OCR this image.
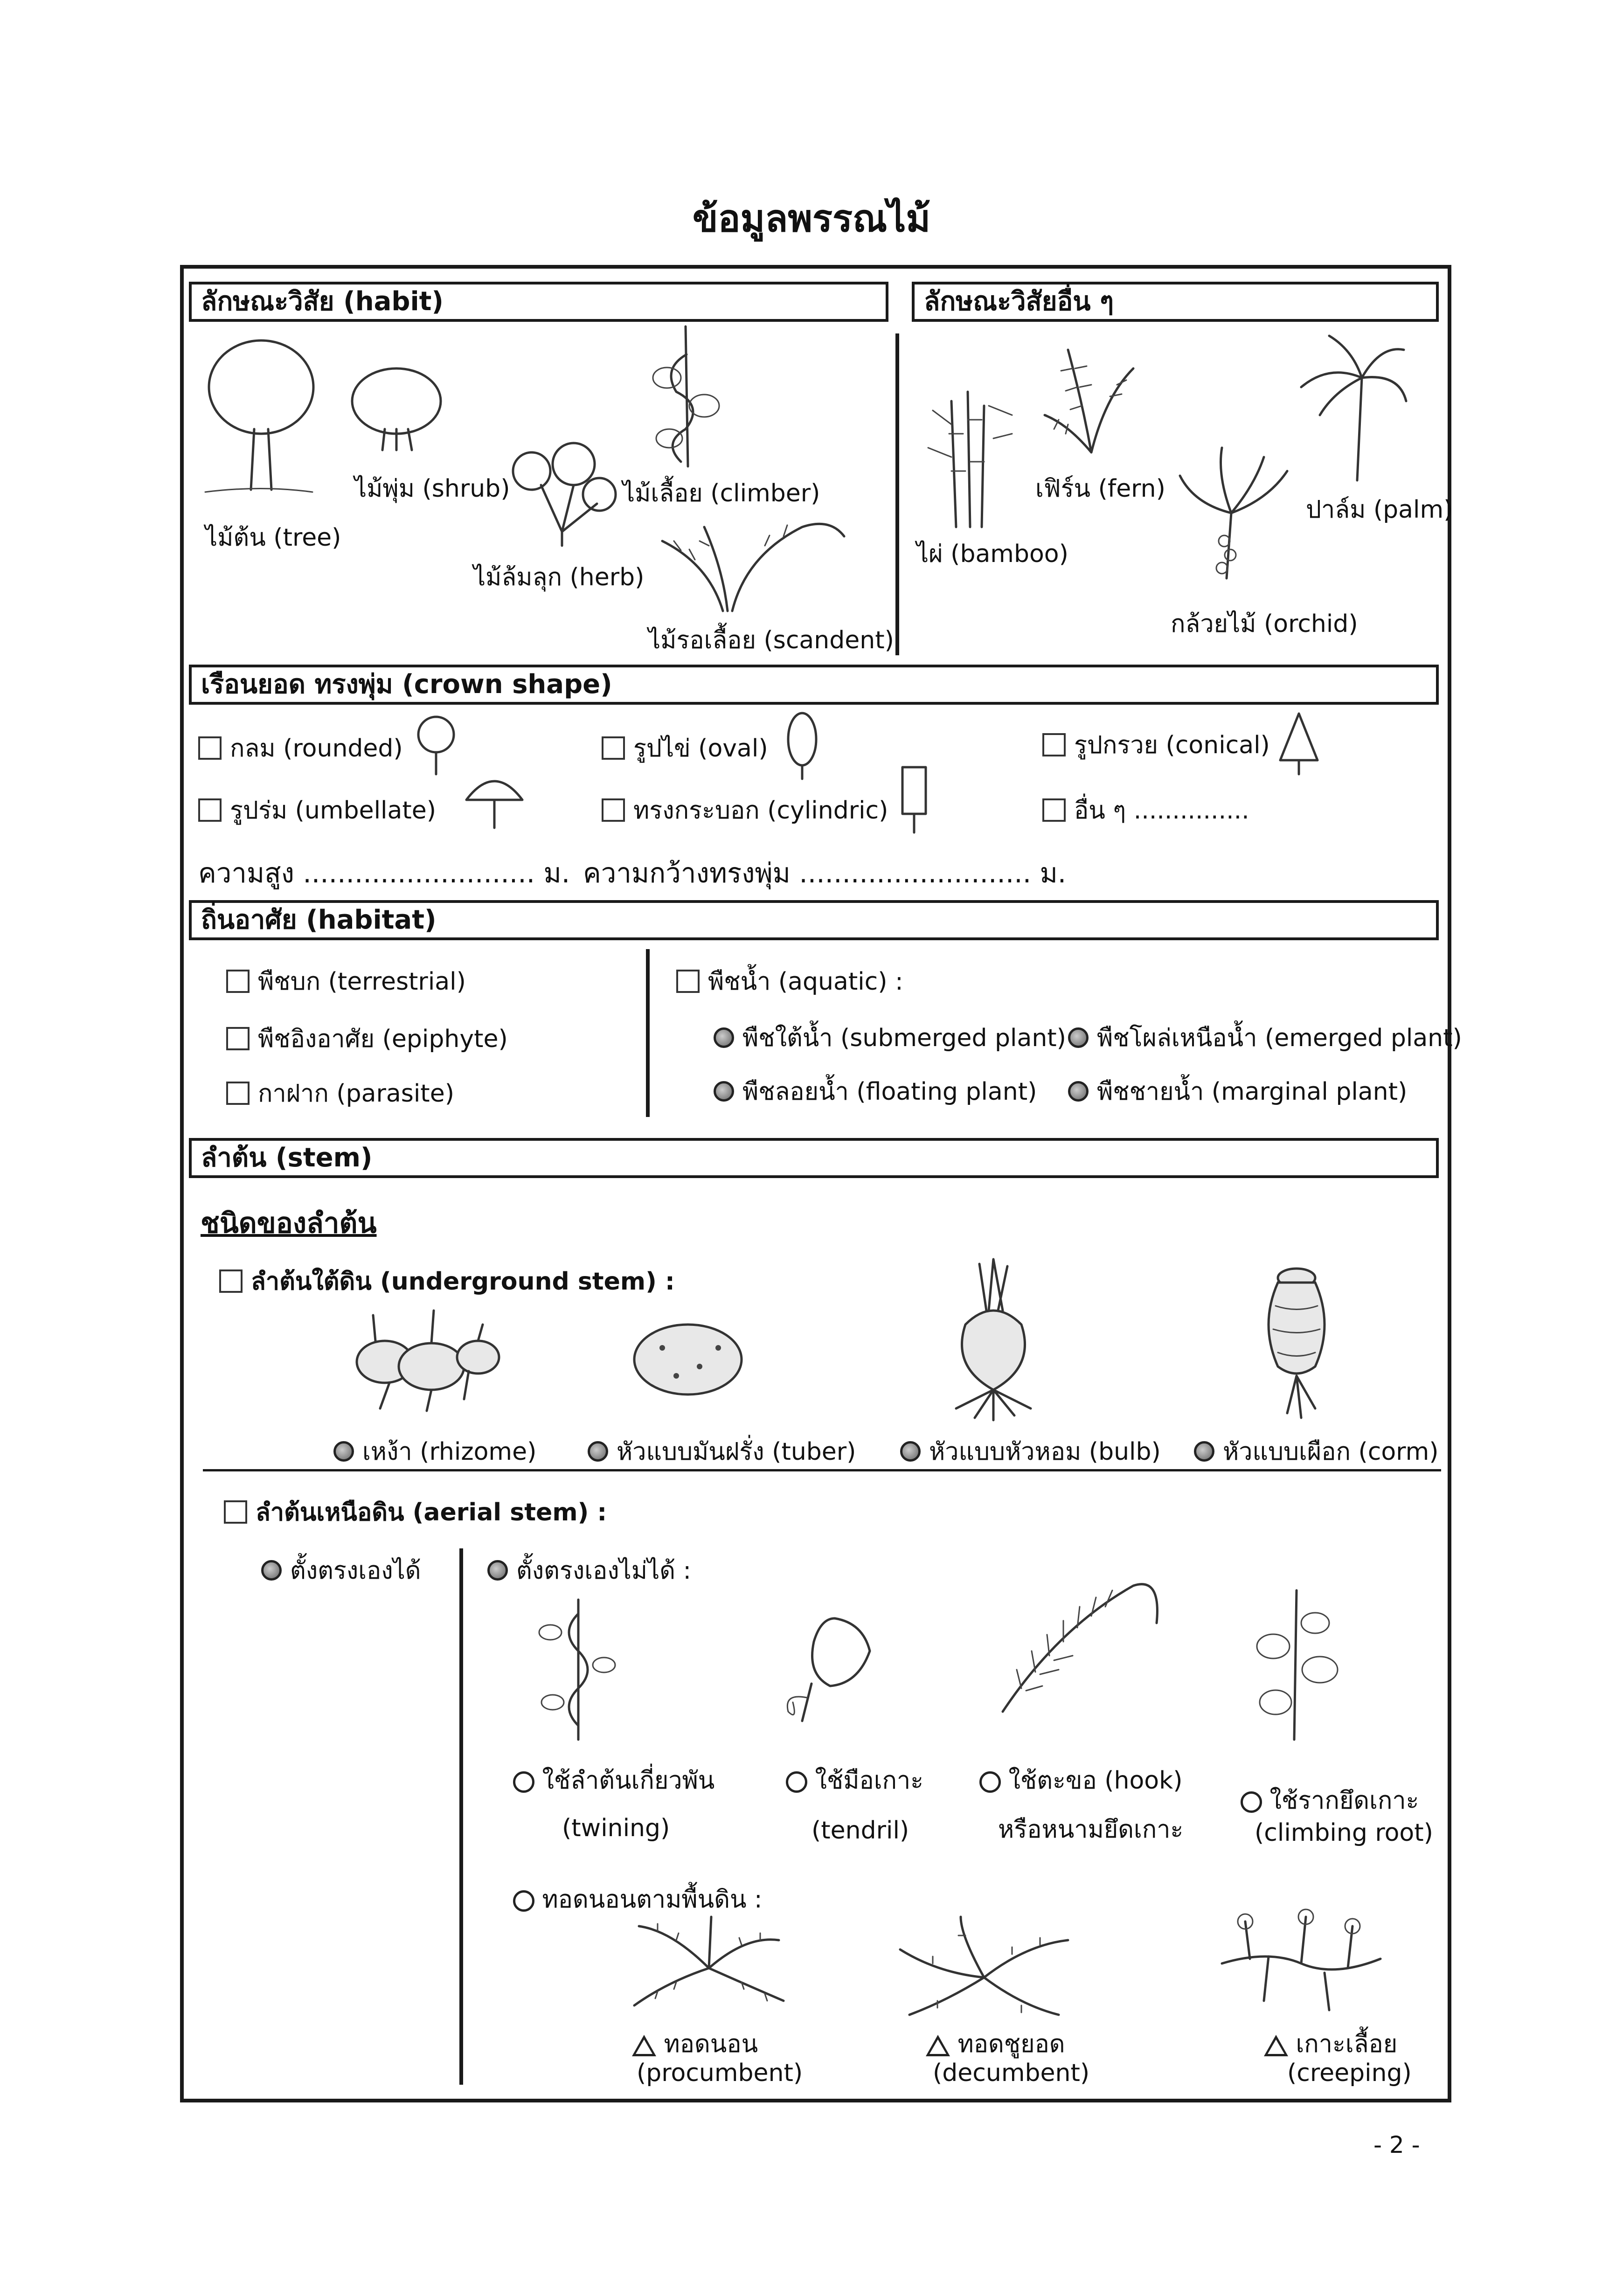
ข้อมูลพรรณไม้
ลักษณะวิสัย (habit)	ลักษณะวิสัยอื่น ๆ
ไม้ต้น (tree)
ไม้พุ่ม (shrub)
ไม้ล้มลุก (herb)
ไม้เลื้อย (climber)
ไม้รอเลื้อย (scandent)
ไผ่ (bamboo)
เฟิร์น (fern)
กล้วยไม้ (orchid)
ปาล์ม (palm)
เรือนยอด ทรงพุ่ม (crown shape)
กลม (rounded)	รูปไข่ (oval)	รูปกรวย (conical)
รูปร่ม (umbellate)	ทรงกระบอก (cylindric)	อื่น ๆ ...............
ความสูง ........................... ม. ความกว้างทรงพุ่ม ........................... ม.
ถิ่นอาศัย (habitat)
พืชบก (terrestrial)
พืชอิงอาศัย (epiphyte)
กาฝาก (parasite)
พืชน้ำ (aquatic) :
พืชใต้น้ำ (submerged plant) พืชโผล่เหนือน้ำ (emerged plant)
พืชลอยน้ำ (floating plant) พืชชายน้ำ (marginal plant)
ลำต้น (stem)
ชนิดของลำต้น
ลำต้นใต้ดิน (underground stem) :
เหง้า (rhizome)	หัวแบบมันฝรั่ง (tuber)	หัวแบบหัวหอม (bulb)	หัวแบบเผือก (corm)
ลำต้นเหนือดิน (aerial stem) :
ตั้งตรงเองได้	ตั้งตรงเองไม่ได้ :
ใช้ลำต้นเกี่ยวพัน
(twining)
ใช้มือเกาะ
(tendril)
ใช้ตะขอ (hook)
หรือหนามยึดเกาะ
ใช้รากยึดเกาะ
(climbing root)
ทอดนอนตามพื้นดิน :
ทอดนอน
(procumbent)
ทอดชูยอด
(decumbent)
เกาะเลื้อย
(creeping)
- 2 -
